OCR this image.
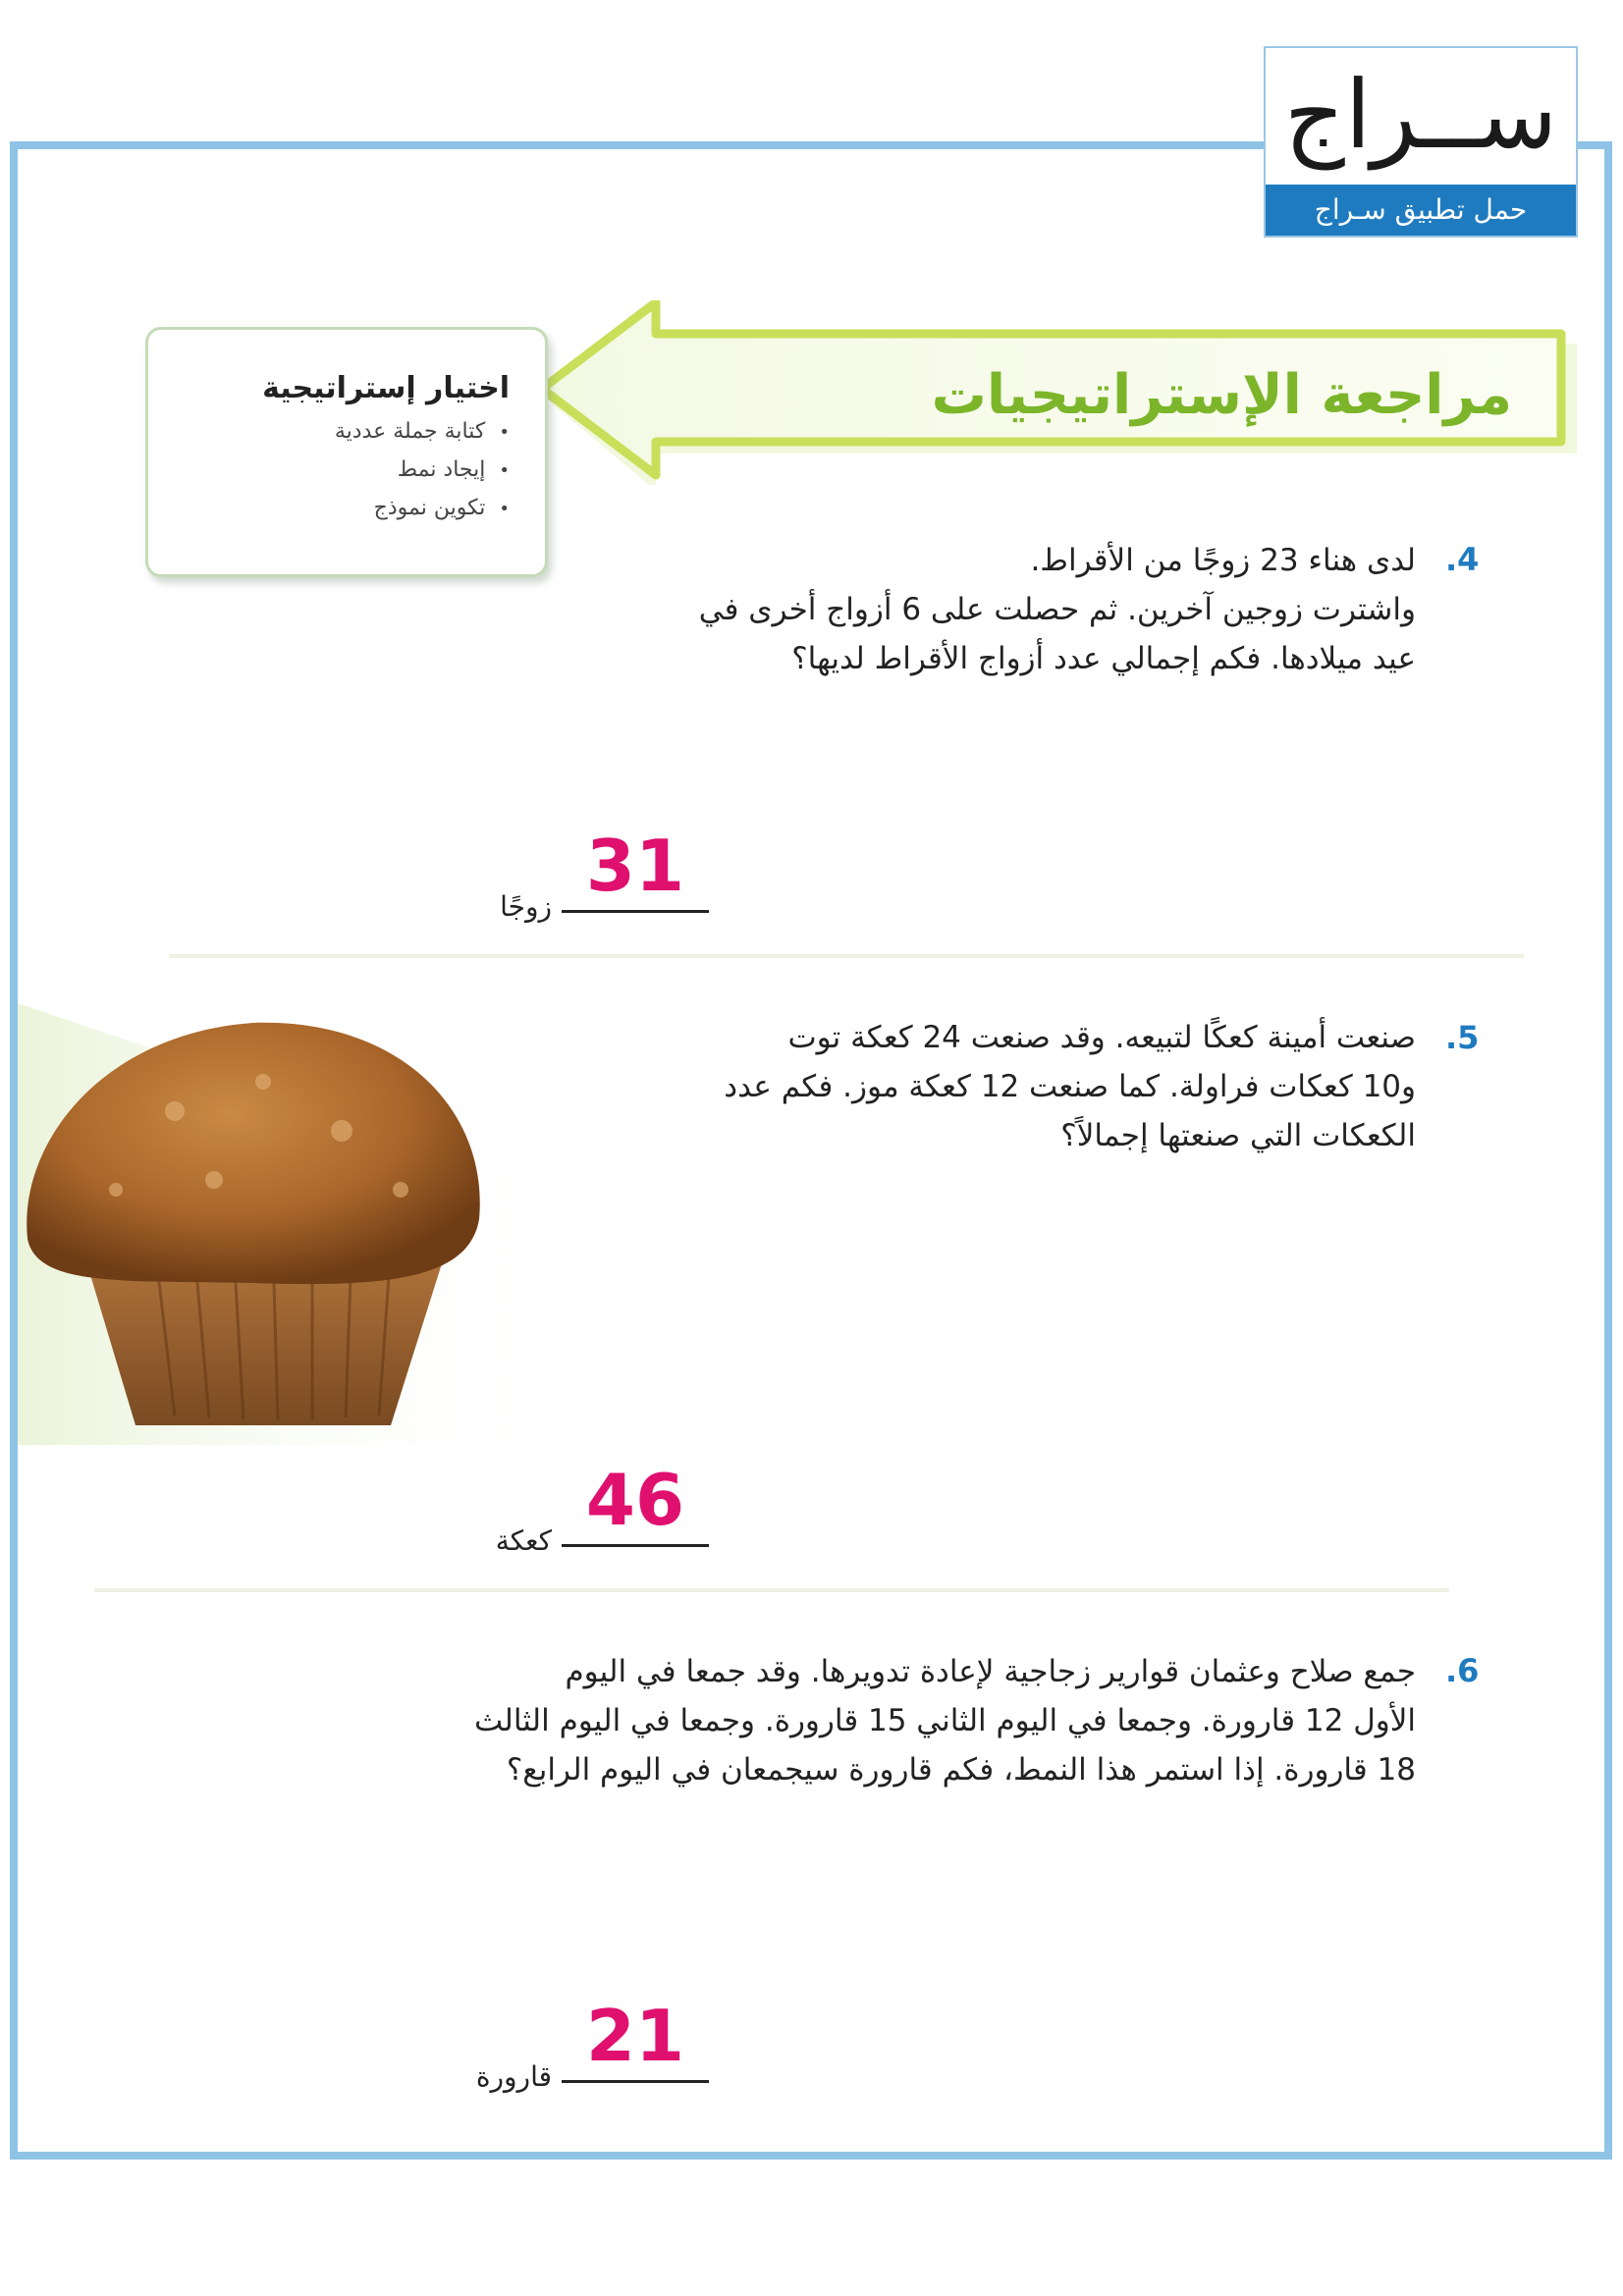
ســراج
حمل تطبيق سـراج
مراجعة الإستراتيجيات
اختيار إستراتيجية
• كتابة جملة عددية
• إيجاد نمط
• تكوين نموذج
.4
لدى هناء 23 زوجًا من الأقراط.
واشترت زوجين آخرين. ثم حصلت على 6 أزواج أخرى في
عيد ميلادها. فكم إجمالي عدد أزواج الأقراط لديها؟
31
زوجًا
.5
صنعت أمينة كعكًا لتبيعه. وقد صنعت 24 كعكة توت
و10 كعكات فراولة. كما صنعت 12 كعكة موز. فكم عدد
الكعكات التي صنعتها إجمالاً؟
46
كعكة
.6
جمع صلاح وعثمان قوارير زجاجية لإعادة تدويرها. وقد جمعا في اليوم
الأول 12 قارورة. وجمعا في اليوم الثاني 15 قارورة. وجمعا في اليوم الثالث
18 قارورة. إذا استمر هذا النمط، فكم قارورة سيجمعان في اليوم الرابع؟
21
قارورة
